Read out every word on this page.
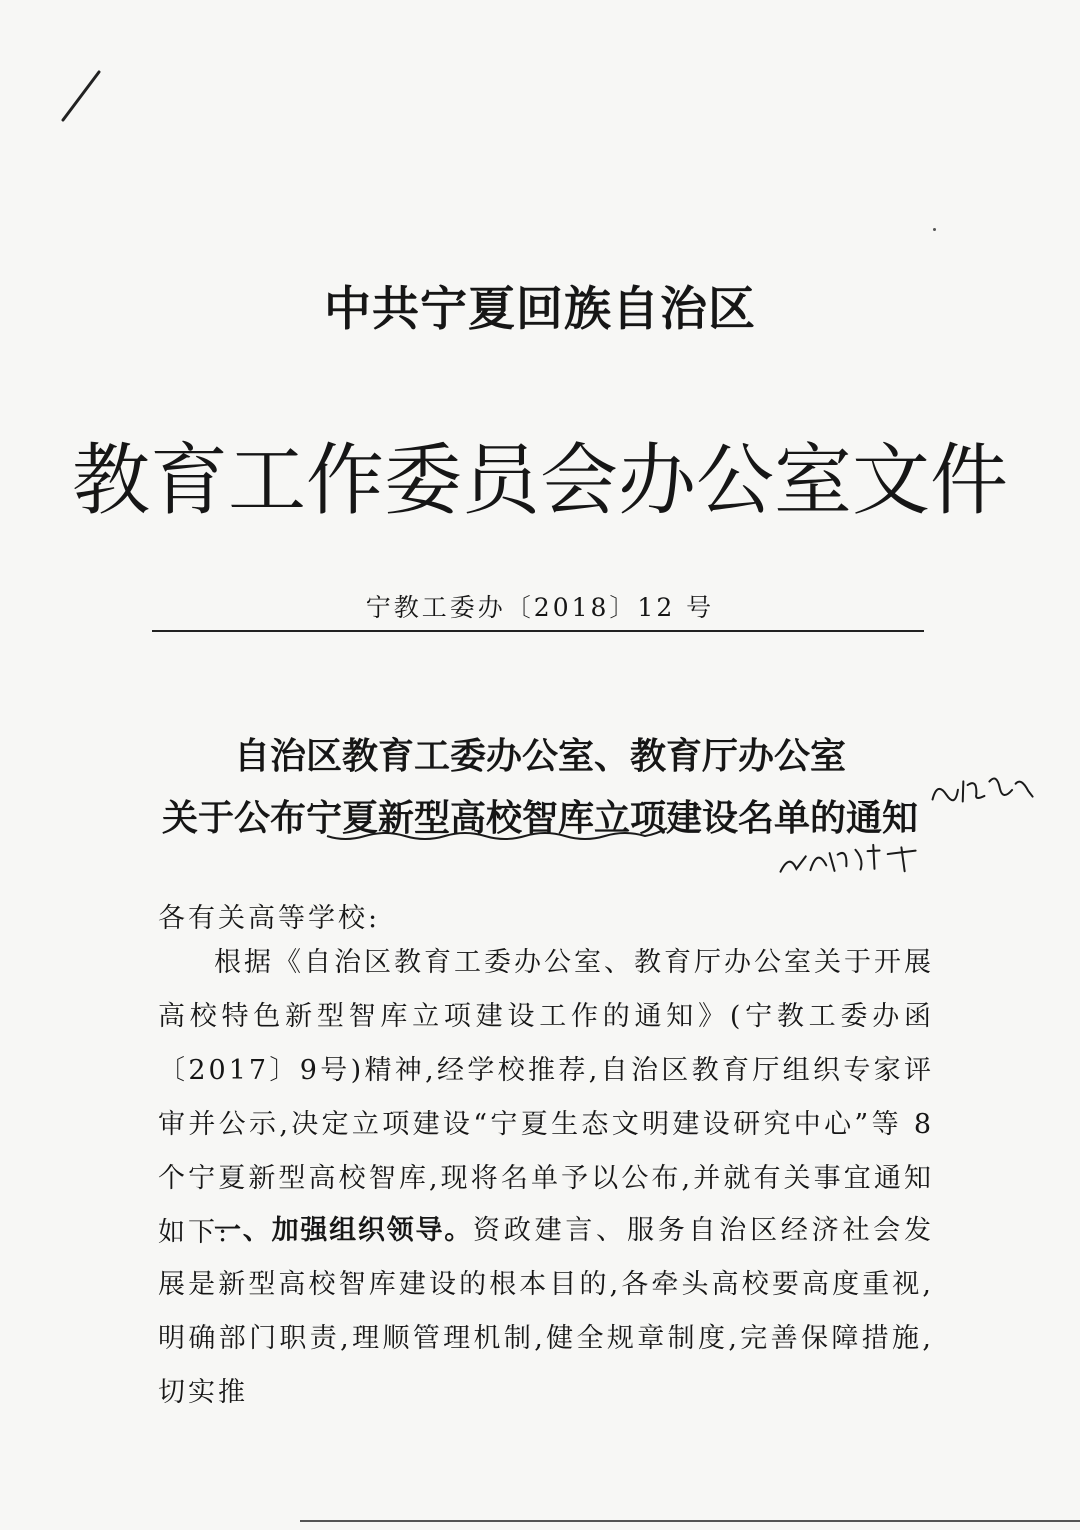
中共宁夏回族自治区
教育工作委员会办公室文件
宁教工委办〔2018〕12 号
自治区教育工委办公室、教育厅办公室
关于公布宁夏新型高校智库立项建设名单的通知
各有关高等学校:

根据《自治区教育工委办公室、教育厅办公室关于开展高校特色新型智库立项建设工作的通知》(宁教工委办函〔2017〕9号)精神,经学校推荐,自治区教育厅组织专家评审并公示,决定立项建设“宁夏生态文明建设研究中心”等 8 个宁夏新型高校智库,现将名单予以公布,并就有关事宜通知如下:

一、加强组织领导。资政建言、服务自治区经济社会发展是新型高校智库建设的根本目的,各牵头高校要高度重视,明确部门职责,理顺管理机制,健全规章制度,完善保障措施,切实推
